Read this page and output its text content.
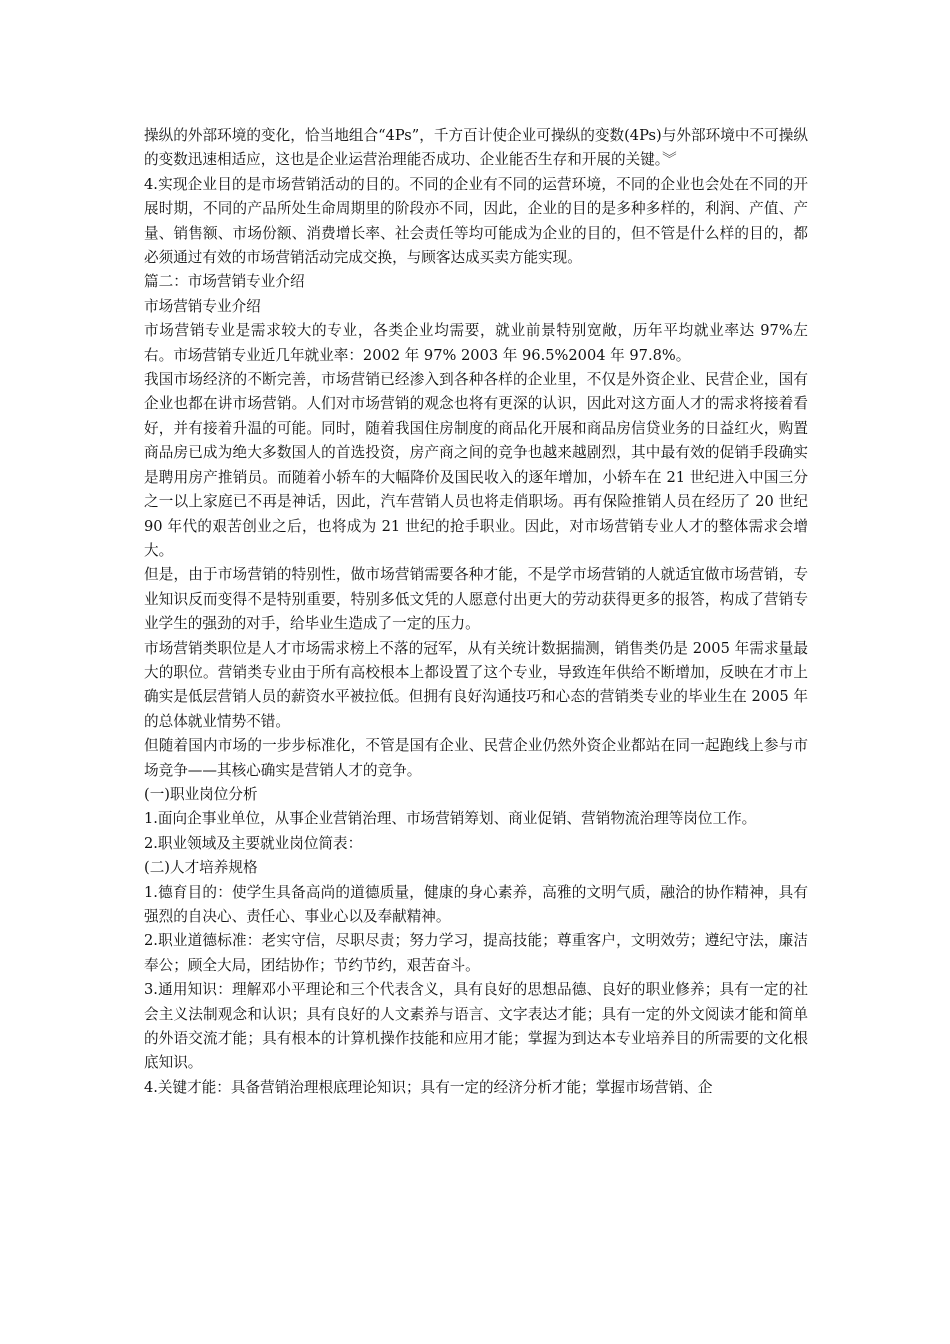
操纵的外部环境的变化，恰当地组合“4Ps”，千方百计使企业可操纵的变数(4Ps)与外部环境中不可操纵的变数迅速相适应，这也是企业运营治理能否成功、企业能否生存和开展的关键。︾

4.实现企业目的是市场营销活动的目的。不同的企业有不同的运营环境，不同的企业也会处在不同的开展时期，不同的产品所处生命周期里的阶段亦不同，因此，企业的目的是多种多样的，利润、产值、产量、销售额、市场份额、消费增长率、社会责任等均可能成为企业的目的，但不管是什么样的目的，都必须通过有效的市场营销活动完成交换，与顾客达成买卖方能实现。

篇二：市场营销专业介绍

市场营销专业介绍

市场营销专业是需求较大的专业，各类企业均需要，就业前景特别宽敞，历年平均就业率达 97%左右。市场营销专业近几年就业率：2002 年 97% 2003 年 96.5%2004 年 97.8%。

我国市场经济的不断完善，市场营销已经渗入到各种各样的企业里，不仅是外资企业、民营企业，国有企业也都在讲市场营销。人们对市场营销的观念也将有更深的认识，因此对这方面人才的需求将接着看好，并有接着升温的可能。同时，随着我国住房制度的商品化开展和商品房信贷业务的日益红火，购置商品房已成为绝大多数国人的首选投资，房产商之间的竞争也越来越剧烈，其中最有效的促销手段确实是聘用房产推销员。而随着小轿车的大幅降价及国民收入的逐年增加，小轿车在 21 世纪进入中国三分之一以上家庭已不再是神话，因此，汽车营销人员也将走俏职场。再有保险推销人员在经历了 20 世纪 90 年代的艰苦创业之后，也将成为 21 世纪的抢手职业。因此，对市场营销专业人才的整体需求会增大。

但是，由于市场营销的特别性，做市场营销需要各种才能，不是学市场营销的人就适宜做市场营销，专业知识反而变得不是特别重要，特别多低文凭的人愿意付出更大的劳动获得更多的报答，构成了营销专业学生的强劲的对手，给毕业生造成了一定的压力。

市场营销类职位是人才市场需求榜上不落的冠军，从有关统计数据揣测，销售类仍是 2005 年需求量最大的职位。营销类专业由于所有高校根本上都设置了这个专业，导致连年供给不断增加，反映在才市上确实是低层营销人员的薪资水平被拉低。但拥有良好沟通技巧和心态的营销类专业的毕业生在 2005 年的总体就业情势不错。

但随着国内市场的一步步标准化，不管是国有企业、民营企业仍然外资企业都站在同一起跑线上参与市场竞争——其核心确实是营销人才的竞争。

(一)职业岗位分析

1.面向企事业单位，从事企业营销治理、市场营销筹划、商业促销、营销物流治理等岗位工作。

2.职业领域及主要就业岗位简表：

(二)人才培养规格

1.德育目的：使学生具备高尚的道德质量，健康的身心素养，高雅的文明气质，融洽的协作精神，具有强烈的自决心、责任心、事业心以及奉献精神。

2.职业道德标准：老实守信，尽职尽责；努力学习，提高技能；尊重客户，文明效劳；遵纪守法，廉洁奉公；顾全大局，团结协作；节约节约，艰苦奋斗。

3.通用知识：理解邓小平理论和三个代表含义，具有良好的思想品德、良好的职业修养；具有一定的社会主义法制观念和认识；具有良好的人文素养与语言、文字表达才能；具有一定的外文阅读才能和简单的外语交流才能；具有根本的计算机操作技能和应用才能；掌握为到达本专业培养目的所需要的文化根底知识。

4.关键才能：具备营销治理根底理论知识；具有一定的经济分析才能；掌握市场营销、企
